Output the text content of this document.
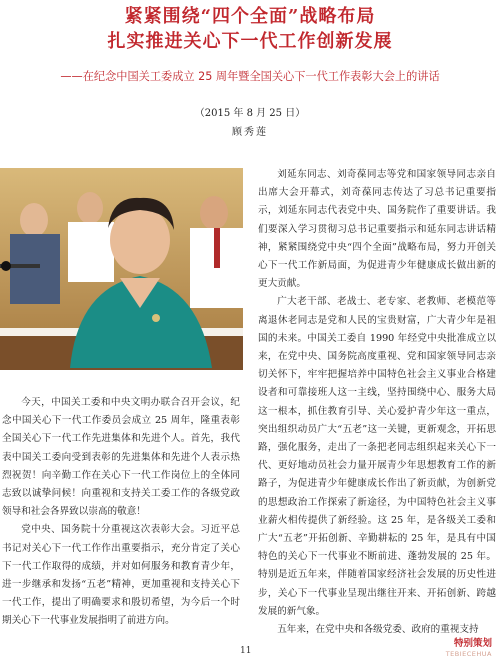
紧紧围绕“四个全面”战略布局
扎实推进关心下一代工作创新发展
——在纪念中国关工委成立 25 周年暨全国关心下一代工作表彰大会上的讲话
（2015 年 8 月 25 日）
顾秀莲

今天，中国关工委和中央文明办联合召开会议，纪念中国关心下一代工作委员会成立 25 周年，隆重表彰全国关心下一代工作先进集体和先进个人。首先，我代表中国关工委向受到表彰的先进集体和先进个人表示热烈祝贺！向辛勤工作在关心下一代工作岗位上的全体同志致以诚挚问候！向重视和支持关工委工作的各级党政领导和社会各界致以崇高的敬意！

党中央、国务院十分重视这次表彰大会。习近平总书记对关心下一代工作作出重要指示，充分肯定了关心下一代工作取得的成绩，并对如何服务和教育青少年，进一步继承和发扬“五老”精神，更加重视和支持关心下一代工作，提出了明确要求和殷切希望，为今后一个时期关心下一代事业发展指明了前进方向。

刘延东同志、刘奇葆同志等党和国家领导同志亲自出席大会开幕式，刘奇葆同志传达了习总书记重要指示，刘延东同志代表党中央、国务院作了重要讲话。我们要深入学习贯彻习总书记重要指示和延东同志讲话精神，紧紧围绕党中央“四个全面”战略布局，努力开创关心下一代工作新局面，为促进青少年健康成长做出新的更大贡献。

广大老干部、老战士、老专家、老教师、老模范等离退休老同志是党和人民的宝贵财富，广大青少年是祖国的未来。中国关工委自 1990 年经党中央批准成立以来，在党中央、国务院高度重视、党和国家领导同志亲切关怀下，牢牢把握培养中国特色社会主义事业合格建设者和可靠接班人这一主线，坚持围绕中心、服务大局这一根本，抓住教育引导、关心爱护青少年这一重点，突出组织动员广大“五老”这一关键，更新观念，开拓思路，强化服务，走出了一条把老同志组织起来关心下一代、更好地动员社会力量开展青少年思想教育工作的新路子，为促进青少年健康成长作出了新贡献，为创新党的思想政治工作探索了新途径，为中国特色社会主义事业薪火相传提供了新经验。这 25 年，是各级关工委和广大“五老”开拓创新、辛勤耕耘的 25 年，是具有中国特色的关心下一代事业不断前进、蓬勃发展的 25 年。特别是近五年来，伴随着国家经济社会发展的历史性进步，关心下一代事业呈现出继往开来、开拓创新、跨越发展的新气象。

五年来，在党中央和各级党委、政府的重视支持

11
特别策划
TEBIECEHUA
